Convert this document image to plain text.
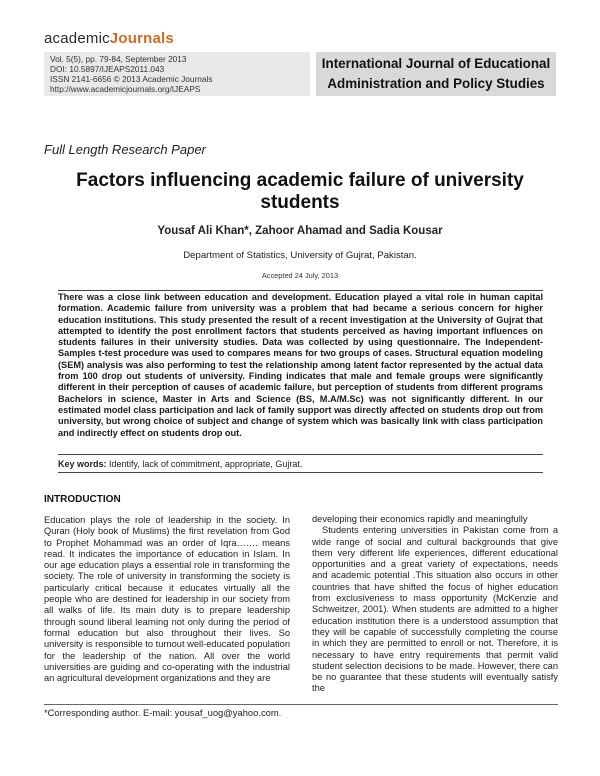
academicJournals
Vol. 5(5), pp. 79-84, September 2013
DOI: 10.5897/IJEAPS2011.043
ISSN 2141-6656 © 2013 Academic Journals
http://www.academicjournals.org/IJEAPS
International Journal of Educational
Administration and Policy Studies
Full Length Research Paper
Factors influencing academic failure of university students
Yousaf Ali Khan*, Zahoor Ahamad and Sadia Kousar
Department of Statistics, University of Gujrat, Pakistan.
Accepted 24 July, 2013
There was a close link between education and development. Education played a vital role in human capital formation. Academic failure from university was a problem that had became a serious concern for higher education institutions. This study presented the result of a recent investigation at the University of Gujrat that attempted to identify the post enrollment factors that students perceived as having important influences on students failures in their university studies. Data was collected by using questionnaire. The Independent-Samples t-test procedure was used to compares means for two groups of cases. Structural equation modeling (SEM) analysis was also performing to test the relationship among latent factor represented by the actual data from 100 drop out students of university. Finding indicates that male and female groups were significantly different in their perception of causes of academic failure, but perception of students from different programs Bachelors in science, Master in Arts and Science (BS, M.A/M.Sc) was not significantly different. In our estimated model class participation and lack of family support was directly affected on students drop out from university, but wrong choice of subject and change of system which was basically link with class participation and indirectly effect on students drop out.
Key words: Identify, lack of commitment, appropriate, Gujrat.
INTRODUCTION

Education plays the role of leadership in the society. In Quran (Holy book of Muslims) the first revelation from God to Prophet Mohammad was an order of Iqra……. means read. It indicates the importance of education in Islam. In our age education plays a essential role in transforming the society. The role of university in transforming the society is particularly critical because it educates virtually all the people who are destined for leadership in our society from all walks of life. Its main duty is to prepare leadership through sound liberal learning not only during the period of formal education but also throughout their lives. So university is responsible to turnout well-educated population for the leadership of the nation. All over the world universities are guiding and co-operating with the industrial an agricultural development organizations and they are

developing their economics rapidly and meaningfully

Students entering universities in Pakistan come from a wide range of social and cultural backgrounds that give them very different life experiences, different educational opportunities and a great variety of expectations, needs and academic potential .This situation also occurs in other countries that have shifted the focus of higher education from exclusiveness to mass opportunity (McKenzie and Schweitzer, 2001). When students are admitted to a higher education institution there is a understood assumption that they will be capable of successfully completing the course in which they are permitted to enroll or not. Therefore, it is necessary to have entry requirements that permit valid student selection decisions to be made. However, there can be no guarantee that these students will eventually satisfy the

*Corresponding author. E-mail: yousaf_uog@yahoo.com.
